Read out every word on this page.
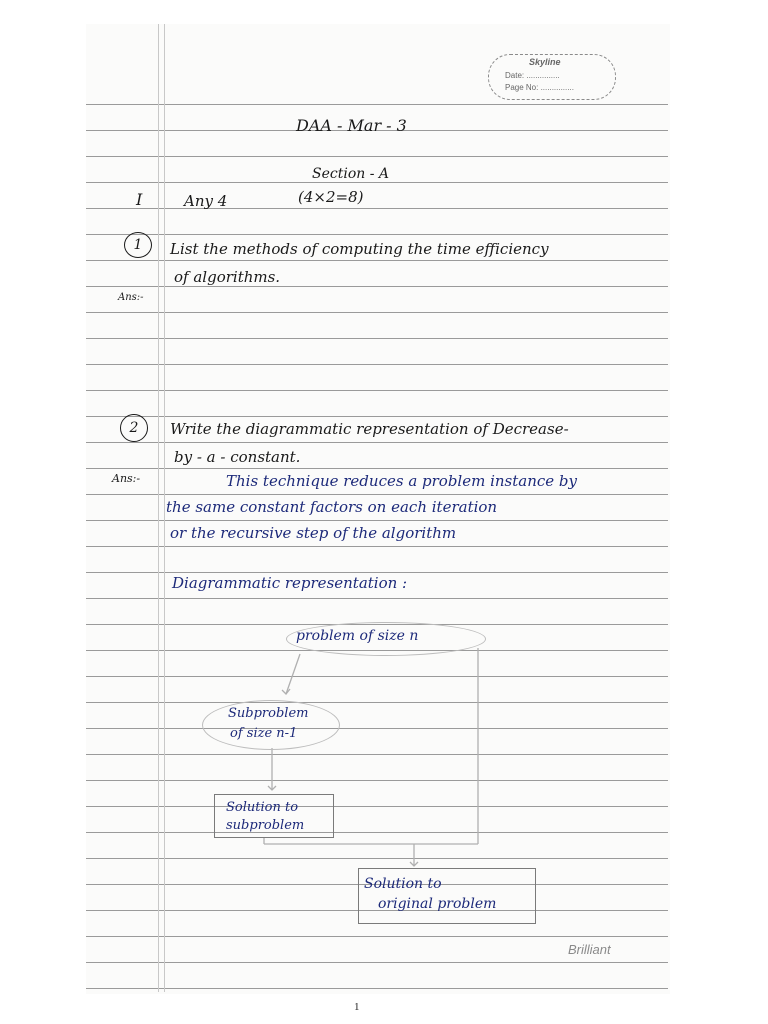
Skyline
Date: ...............
Page No: ...............
DAA - Mar - 3
Section - A
I	Any 4	(4×2=8)
1	List the methods of computing the time efficiency
of algorithms.
Ans:-
2	Write the diagrammatic representation of Decrease-
by - a - constant.
Ans:-	This technique reduces a problem instance by
the same constant factors on each iteration
or the recursive step of the algorithm
Diagrammatic representation :
problem of size n
Subproblem
of size n-1
Solution to
subproblem
Solution to
original problem
Brilliant
1
